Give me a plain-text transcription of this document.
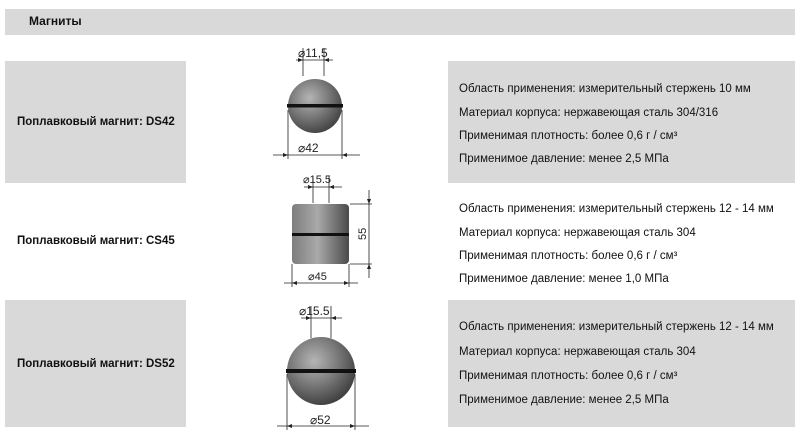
Магниты
Поплавковый магнит: DS42
⌀11,5
⌀42
Область применения: измерительный стержень 10 мм
Материал корпуса: нержавеющая сталь 304/316
Применимая плотность: более 0,6 г / см³
Применимое давление: менее 2,5 МПа
Поплавковый магнит: CS45
⌀15.5
55
⌀45
Область применения: измерительный стержень 12 - 14 мм
Материал корпуса: нержавеющая сталь 304
Применимая плотность: более 0,6 г / см³
Применимое давление: менее 1,0 МПа
Поплавковый магнит: DS52
⌀15.5
⌀52
Область применения: измерительный стержень 12 - 14 мм
Материал корпуса: нержавеющая сталь 304
Применимая плотность: более 0,6 г / см³
Применимое давление: менее 2,5 МПа
